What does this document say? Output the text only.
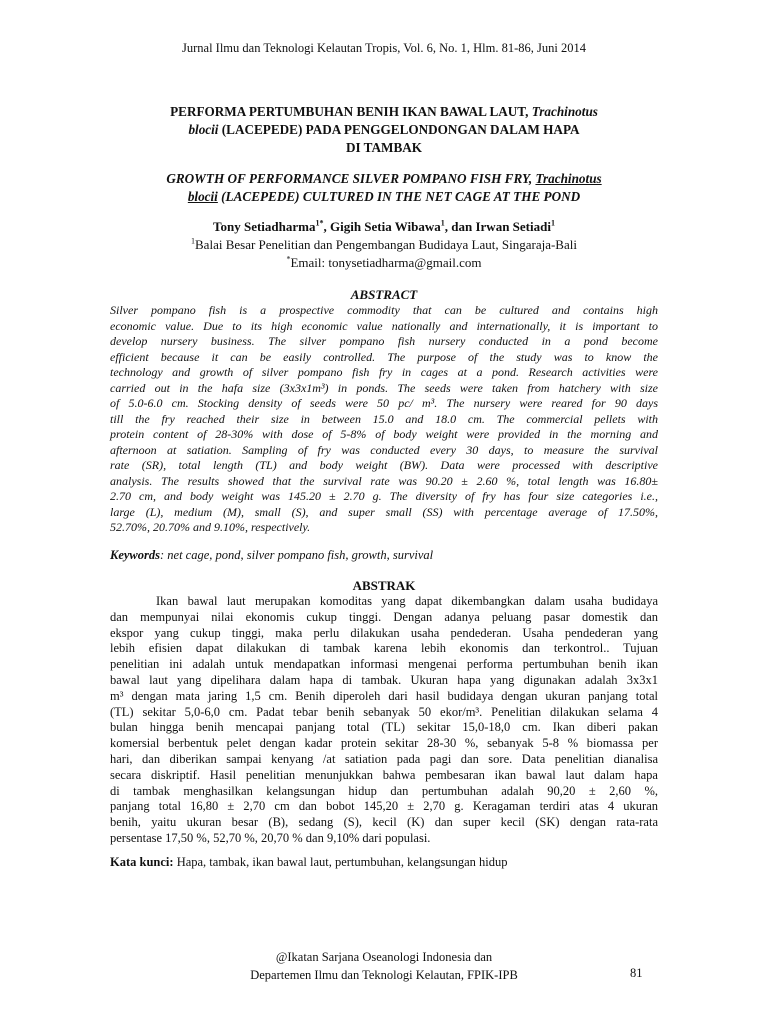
Jurnal Ilmu dan Teknologi Kelautan Tropis, Vol. 6, No. 1, Hlm. 81-86, Juni 2014
PERFORMA PERTUMBUHAN BENIH IKAN BAWAL LAUT, Trachinotus
blocii (LACEPEDE) PADA PENGGELONDONGAN DALAM HAPA
DI TAMBAK
GROWTH OF PERFORMANCE SILVER POMPANO FISH FRY, Trachinotus
blocii (LACEPEDE) CULTURED IN THE NET CAGE AT THE POND
Tony Setiadharma$^{1*}$, Gigih Setia Wibawa$^1$, dan Irwan Setiadi$^1$
$^1$Balai Besar Penelitian dan Pengembangan Budidaya Laut, Singaraja-Bali
*Email: tonysetiadharma@gmail.com
ABSTRACT
Silver pompano fish is a prospective commodity that can be cultured and contains high
economic value. Due to its high economic value nationally and internationally, it is important to
develop nursery business. The silver pompano fish nursery conducted in a pond become
efficient because it can be easily controlled. The purpose of the study was to know the
technology and growth of silver pompano fish fry in cages at a pond. Research activities were
carried out in the hafa size (3x3x1m³) in ponds. The seeds were taken from hatchery with size
of 5.0-6.0 cm. Stocking density of seeds were 50 pc/ m³. The nursery were reared for 90 days
till the fry reached their size in between 15.0 and 18.0 cm. The commercial pellets with
protein content of 28-30% with dose of 5-8% of body weight were provided in the morning and
afternoon at satiation. Sampling of fry was conducted every 30 days, to measure the survival
rate (SR), total length (TL) and body weight (BW). Data were processed with descriptive
analysis. The results showed that the survival rate was 90.20 ± 2.60 %, total length was 16.80±
2.70 cm, and body weight was 145.20 ± 2.70 g. The diversity of fry has four size categories i.e.,
large (L), medium (M), small (S), and super small (SS) with percentage average of 17.50%,
52.70%, 20.70% and 9.10%, respectively.
Keywords: net cage, pond, silver pompano fish, growth, survival
ABSTRAK
Ikan bawal laut merupakan komoditas yang dapat dikembangkan dalam usaha budidaya
dan mempunyai nilai ekonomis cukup tinggi. Dengan adanya peluang pasar domestik dan
ekspor yang cukup tinggi, maka perlu dilakukan usaha pendederan. Usaha pendederan yang
lebih efisien dapat dilakukan di tambak karena lebih ekonomis dan terkontrol.. Tujuan
penelitian ini adalah untuk mendapatkan informasi mengenai performa pertumbuhan benih ikan
bawal laut yang dipelihara dalam hapa di tambak. Ukuran hapa yang digunakan adalah 3x3x1
m³ dengan mata jaring 1,5 cm. Benih diperoleh dari hasil budidaya dengan ukuran panjang total
(TL) sekitar 5,0-6,0 cm. Padat tebar benih sebanyak 50 ekor/m³. Penelitian dilakukan selama 4
bulan hingga benih mencapai panjang total (TL) sekitar 15,0-18,0 cm. Ikan diberi pakan
komersial berbentuk pelet dengan kadar protein sekitar 28-30 %, sebanyak 5-8 % biomassa per
hari, dan diberikan sampai kenyang /at satiation pada pagi dan sore. Data penelitian dianalisa
secara diskriptif. Hasil penelitian menunjukkan bahwa pembesaran ikan bawal laut dalam hapa
di tambak menghasilkan kelangsungan hidup dan pertumbuhan adalah 90,20 ± 2,60 %,
panjang total 16,80 ± 2,70 cm dan bobot 145,20 ± 2,70 g. Keragaman terdiri atas 4 ukuran
benih, yaitu ukuran besar (B), sedang (S), kecil (K) dan super kecil (SK) dengan rata-rata
persentase 17,50 %, 52,70 %, 20,70 % dan 9,10% dari populasi.
Kata kunci: Hapa, tambak, ikan bawal laut, pertumbuhan, kelangsungan hidup
@Ikatan Sarjana Oseanologi Indonesia dan
Departemen Ilmu dan Teknologi Kelautan, FPIK-IPB	81
